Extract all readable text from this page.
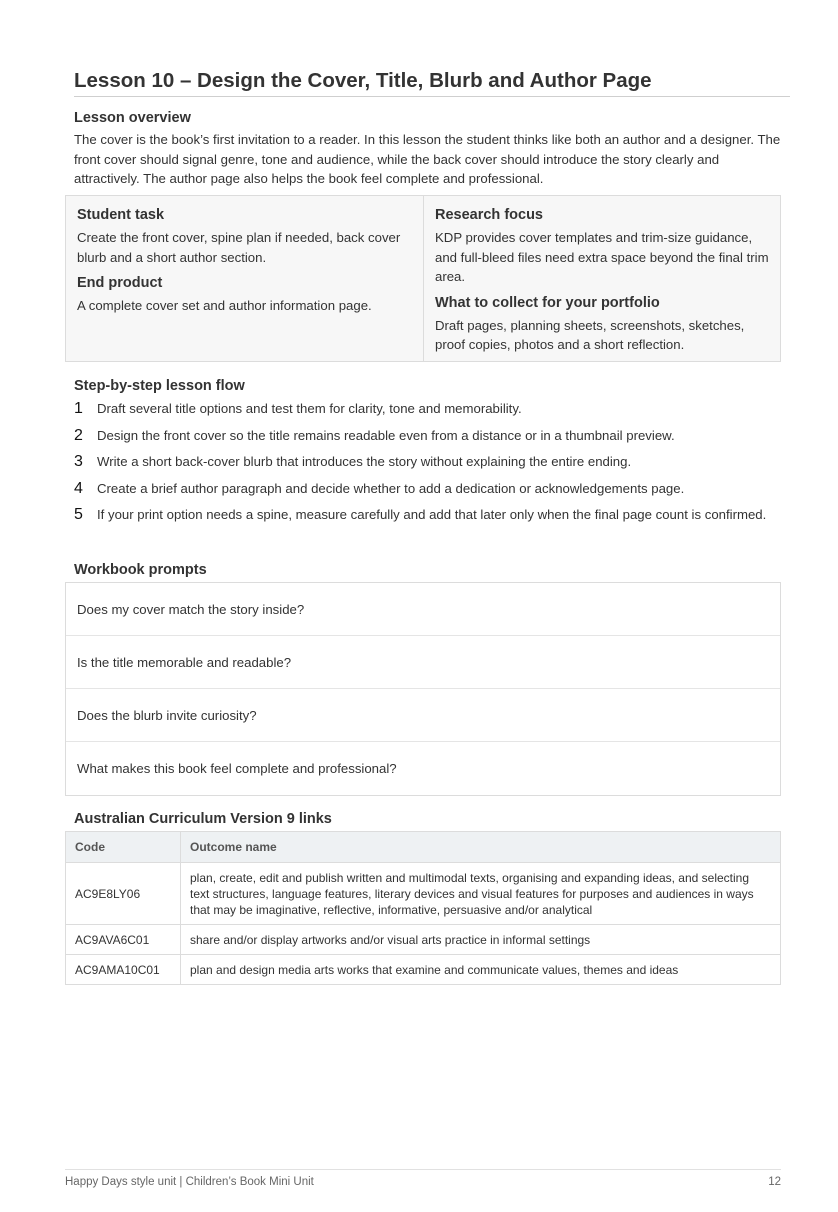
Lesson 10 – Design the Cover, Title, Blurb and Author Page
Lesson overview
The cover is the book’s first invitation to a reader. In this lesson the student thinks like both an author and a designer. The front cover should signal genre, tone and audience, while the back cover should introduce the story clearly and attractively. The author page also helps the book feel complete and professional.
Student task
Create the front cover, spine plan if needed, back cover blurb and a short author section.
End product
A complete cover set and author information page.
Research focus
KDP provides cover templates and trim-size guidance, and full-bleed files need extra space beyond the final trim area.
What to collect for your portfolio
Draft pages, planning sheets, screenshots, sketches, proof copies, photos and a short reflection.
Step-by-step lesson flow
1 Draft several title options and test them for clarity, tone and memorability.
2 Design the front cover so the title remains readable even from a distance or in a thumbnail preview.
3 Write a short back-cover blurb that introduces the story without explaining the entire ending.
4 Create a brief author paragraph and decide whether to add a dedication or acknowledgements page.
5 If your print option needs a spine, measure carefully and add that later only when the final page count is confirmed.
Workbook prompts
Does my cover match the story inside?
Is the title memorable and readable?
Does the blurb invite curiosity?
What makes this book feel complete and professional?
Australian Curriculum Version 9 links
Code	Outcome name
AC9E8LY06	plan, create, edit and publish written and multimodal texts, organising and expanding ideas, and selecting text structures, language features, literary devices and visual features for purposes and audiences in ways that may be imaginative, reflective, informative, persuasive and/or analytical
AC9AVA6C01	share and/or display artworks and/or visual arts practice in informal settings
AC9AMA10C01	plan and design media arts works that examine and communicate values, themes and ideas
Happy Days style unit | Children’s Book Mini Unit	12
